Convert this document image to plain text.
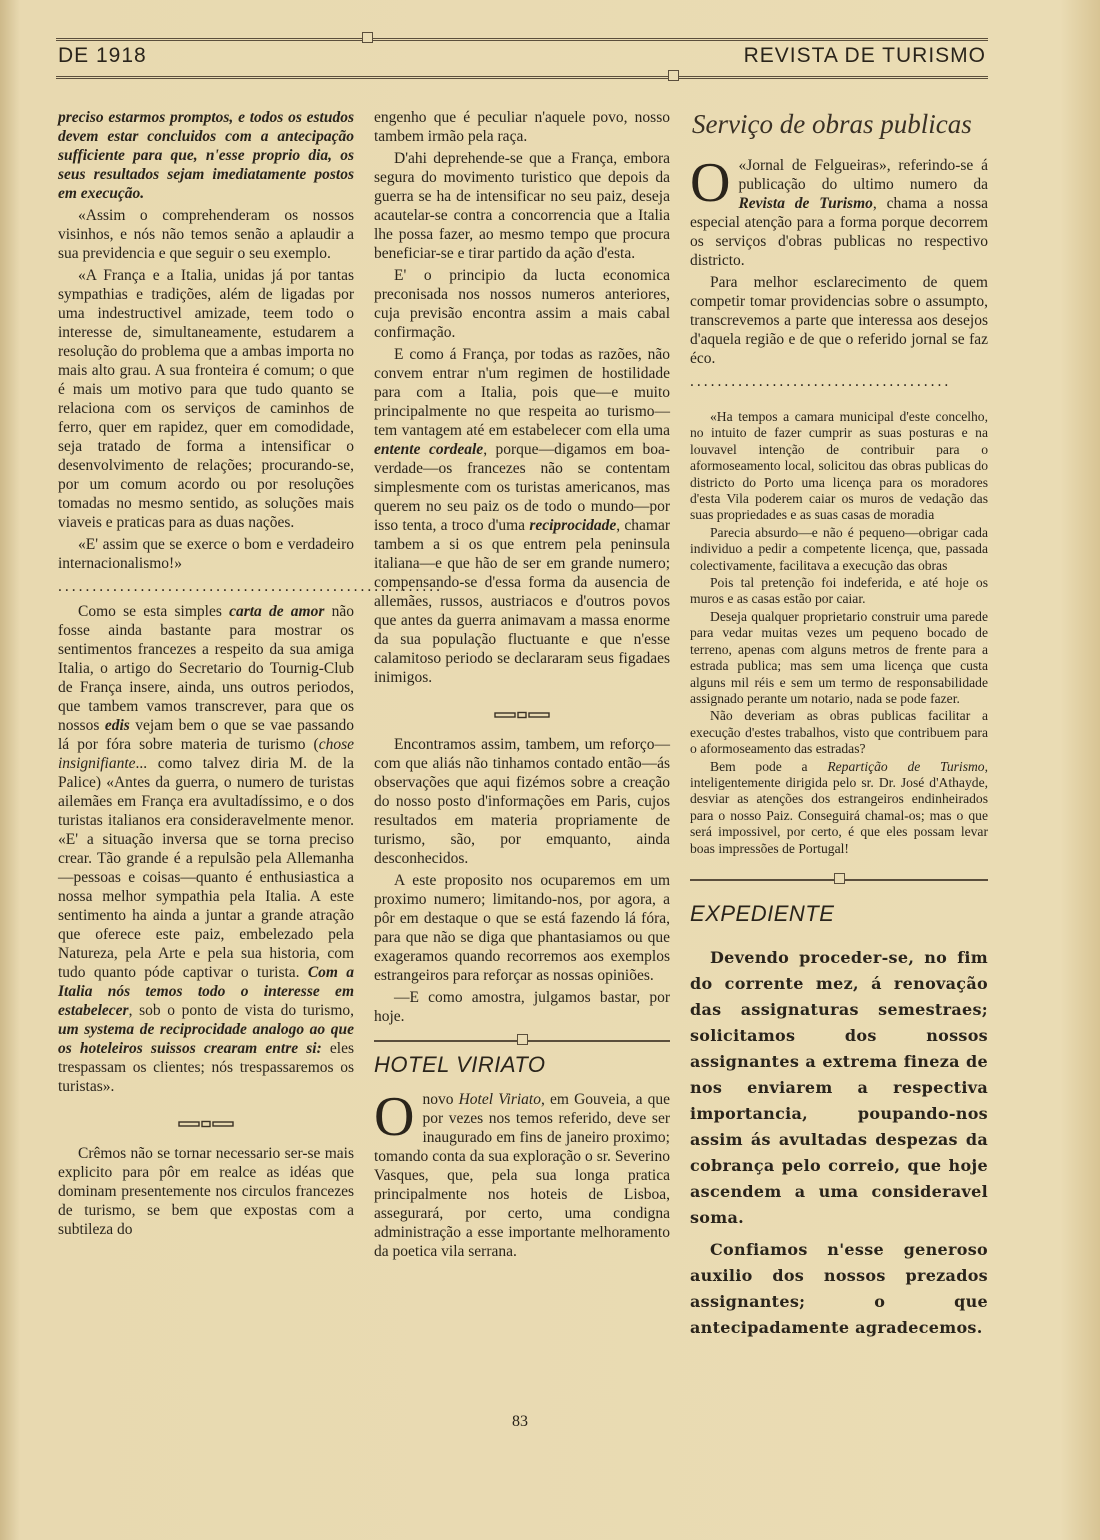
DE 1918	REVISTA DE TURISMO

preciso estarmos promptos, e todos os estudos devem estar concluidos com a antecipação sufficiente para que, n'esse proprio dia, os seus resultados sejam imediatamente postos em execução.

«Assim o comprehenderam os nossos visinhos, e nós não temos senão a aplaudir a sua previdencia e que seguir o seu exemplo.

«A França e a Italia, unidas já por tantas sympathias e tradições, além de ligadas por uma indestructivel amizade, teem todo o interesse de, simultaneamente, estudarem a resolução do problema que a ambas importa no mais alto grau. A sua fronteira é comum; o que é mais um motivo para que tudo quanto se relaciona com os serviços de caminhos de ferro, quer em rapidez, quer em comodidade, seja tratado de forma a intensificar o desenvolvimento de relações; procurando-se, por um comum acordo ou por resoluções tomadas no mesmo sentido, as soluções mais viaveis e praticas para as duas nações.

«E' assim que se exerce o bom e verdadeiro internacionalismo!»

........................................................

Como se esta simples carta de amor não fosse ainda bastante para mostrar os sentimentos francezes a respeito da sua amiga Italia, o artigo do Secretario do Tournig-Club de França insere, ainda, uns outros periodos, que tambem vamos transcrever, para que os nossos edis vejam bem o que se vae passando lá por fóra sobre materia de turismo (chose insignifiante... como talvez diria M. de la Palice) «Antes da guerra, o numero de turistas ailemães em França era avultadíssimo, e o dos turistas italianos era consideravelmente menor. «E' a situação inversa que se torna preciso crear. Tão grande é a repulsão pela Allemanha—pessoas e coisas—quanto é enthusiastica a nossa melhor sympathia pela Italia. A este sentimento ha ainda a juntar a grande atração que oferece este paiz, embelezado pela Natureza, pela Arte e pela sua historia, com tudo quanto póde captivar o turista. Com a Italia nós temos todo o interesse em estabelecer, sob o ponto de vista do turismo, um systema de reciprocidade analogo ao que os hoteleiros suissos crearam entre si: eles trespassam os clientes; nós trespassaremos os turistas».

Crêmos não se tornar necessario ser-se mais explicito para pôr em realce as idéas que dominam presentemente nos circulos francezes de turismo, se bem que expostas com a subtileza do

engenho que é peculiar n'aquele povo, nosso tambem irmão pela raça.

D'ahi deprehende-se que a França, embora segura do movimento turistico que depois da guerra se ha de intensificar no seu paiz, deseja acautelar-se contra a concorrencia que a Italia lhe possa fazer, ao mesmo tempo que procura beneficiar-se e tirar partido da ação d'esta.

E' o principio da lucta economica preconisada nos nossos numeros anteriores, cuja previsão encontra assim a mais cabal confirmação.

E como á França, por todas as razões, não convem entrar n'um regimen de hostilidade para com a Italia, pois que—e muito principalmente no que respeita ao turismo—tem vantagem até em estabelecer com ella uma entente cordeale, porque—digamos em boa-verdade—os francezes não se contentam simplesmente com os turistas americanos, mas querem no seu paiz os de todo o mundo—por isso tenta, a troco d'uma reciprocidade, chamar tambem a si os que entrem pela peninsula italiana—e que hão de ser em grande numero; compensando-se d'essa forma da ausencia de allemães, russos, austriacos e d'outros povos que antes da guerra animavam a massa enorme da sua população fluctuante e que n'esse calamitoso periodo se declararam seus figadaes inimigos.

Encontramos assim, tambem, um reforço—com que aliás não tinhamos contado então—ás observações que aqui fizémos sobre a creação do nosso posto d'informações em Paris, cujos resultados em materia propriamente de turismo, são, por emquanto, ainda desconhecidos.

A este proposito nos ocuparemos em um proximo numero; limitando-nos, por agora, a pôr em destaque o que se está fazendo lá fóra, para que não se diga que phantasiamos ou que exageramos quando recorremos aos exemplos estrangeiros para reforçar as nossas opiniões.

—E como amostra, julgamos bastar, por hoje.

HOTEL VIRIATO

Onovo Hotel Viriato, em Gouveia, a que por vezes nos temos referido, deve ser inaugurado em fins de janeiro proximo; tomando conta da sua exploração o sr. Severino Vasques, que, pela sua longa pratica principalmente nos hoteis de Lisboa, assegurará, por certo, uma condigna administração a esse importante melhoramento da poetica vila serrana.

Serviço de obras publicas

O «Jornal de Felgueiras», referindo-se á publicação do ultimo numero da Revista de Turismo, chama a nossa especial atenção para a forma porque decorrem os serviços d'obras publicas no respectivo districto.

Para melhor esclarecimento de quem competir tomar providencias sobre o assumpto, transcrevemos a parte que interessa aos desejos d'aquela região e de que o referido jornal se faz éco.

......................................

«Ha tempos a camara municipal d'este concelho, no intuito de fazer cumprir as suas posturas e na louvavel intenção de contribuir para o aformoseamento local, solicitou das obras publicas do districto do Porto uma licença para os moradores d'esta Vila poderem caiar os muros de vedação das suas propriedades e as suas casas de moradia

Parecia absurdo—e não é pequeno—obrigar cada individuo a pedir a competente licença, que, passada colectivamente, facilitava a execução das obras

Pois tal pretenção foi indeferida, e até hoje os muros e as casas estão por caiar.

Deseja qualquer proprietario construir uma parede para vedar muitas vezes um pequeno bocado de terreno, apenas com alguns metros de frente para a estrada publica; mas sem uma licença que custa alguns mil réis e sem um termo de responsabilidade assignado perante um notario, nada se pode fazer.

Não deveriam as obras publicas facilitar a execução d'estes trabalhos, visto que contribuem para o aformoseamento das estradas?

Bem pode a Repartição de Turismo, inteligentemente dirigida pelo sr. Dr. José d'Athayde, desviar as atenções dos estrangeiros endinheirados para o nosso Paiz. Conseguirá chamal-os; mas o que será impossivel, por certo, é que eles possam levar boas impressões de Portugal!

EXPEDIENTE

Devendo proceder-se, no fim do corrente mez, á renovação das assignaturas semestraes; solicitamos dos nossos assignantes a extrema fineza de nos enviarem a respectiva importancia, poupando-nos assim ás avultadas despezas da cobrança pelo correio, que hoje ascendem a uma consideravel soma.

Confiamos n'esse generoso auxilio dos nossos prezados assignantes; o que antecipadamente agradecemos.

83
